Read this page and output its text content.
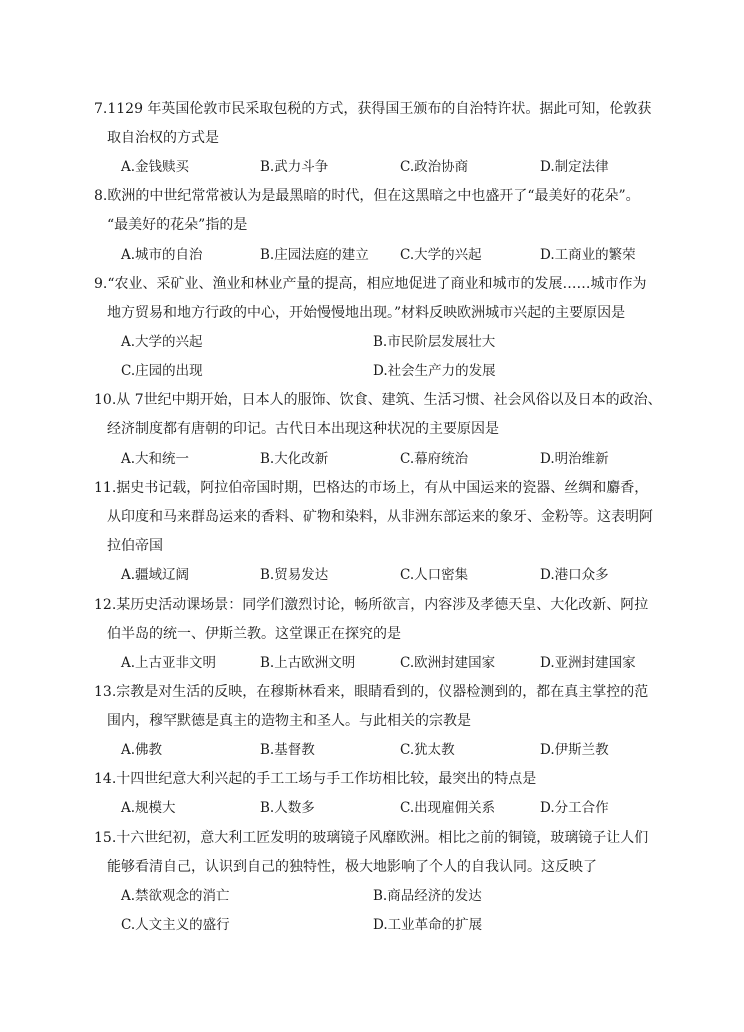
7.1129 年英国伦敦市民采取包税的方式，获得国王颁布的自治特许状。据此可知，伦敦获
取自治权的方式是
A.金钱赎买	B.武力斗争	C.政治协商	D.制定法律
8.欧洲的中世纪常常被认为是最黑暗的时代，但在这黑暗之中也盛开了“最美好的花朵”。
“最美好的花朵”指的是
A.城市的自治	B.庄园法庭的建立 C.大学的兴起	D.工商业的繁荣
9.“农业、采矿业、渔业和林业产量的提高，相应地促进了商业和城市的发展……城市作为
地方贸易和地方行政的中心，开始慢慢地出现。”材料反映欧洲城市兴起的主要原因是
A.大学的兴起	B.市民阶层发展壮大
C.庄园的出现	D.社会生产力的发展
10.从 7世纪中期开始，日本人的服饰、饮食、建筑、生活习惯、社会风俗以及日本的政治、
经济制度都有唐朝的印记。古代日本出现这种状况的主要原因是
A.大和统一	B.大化改新	C.幕府统治	D.明治维新
11.据史书记载，阿拉伯帝国时期，巴格达的市场上，有从中国运来的瓷器、丝绸和麝香，
从印度和马来群岛运来的香料、矿物和染料，从非洲东部运来的象牙、金粉等。这表明阿
拉伯帝国
A.疆域辽阔	B.贸易发达	C.人口密集	D.港口众多
12.某历史活动课场景：同学们激烈讨论，畅所欲言，内容涉及孝德天皇、大化改新、阿拉
伯半岛的统一、伊斯兰教。这堂课正在探究的是
A.上古亚非文明	B.上古欧洲文明	C.欧洲封建国家	D.亚洲封建国家
13.宗教是对生活的反映，在穆斯林看来，眼睛看到的，仪器检测到的，都在真主掌控的范
围内，穆罕默德是真主的造物主和圣人。与此相关的宗教是
A.佛教	B.基督教	C.犹太教	D.伊斯兰教
14.十四世纪意大利兴起的手工工场与手工作坊相比较，最突出的特点是
A.规模大	B.人数多	C.出现雇佣关系	D.分工合作
15.十六世纪初，意大利工匠发明的玻璃镜子风靡欧洲。相比之前的铜镜，玻璃镜子让人们
能够看清自己，认识到自己的独特性，极大地影响了个人的自我认同。这反映了
A.禁欲观念的消亡	B.商品经济的发达
C.人文主义的盛行	D.工业革命的扩展
